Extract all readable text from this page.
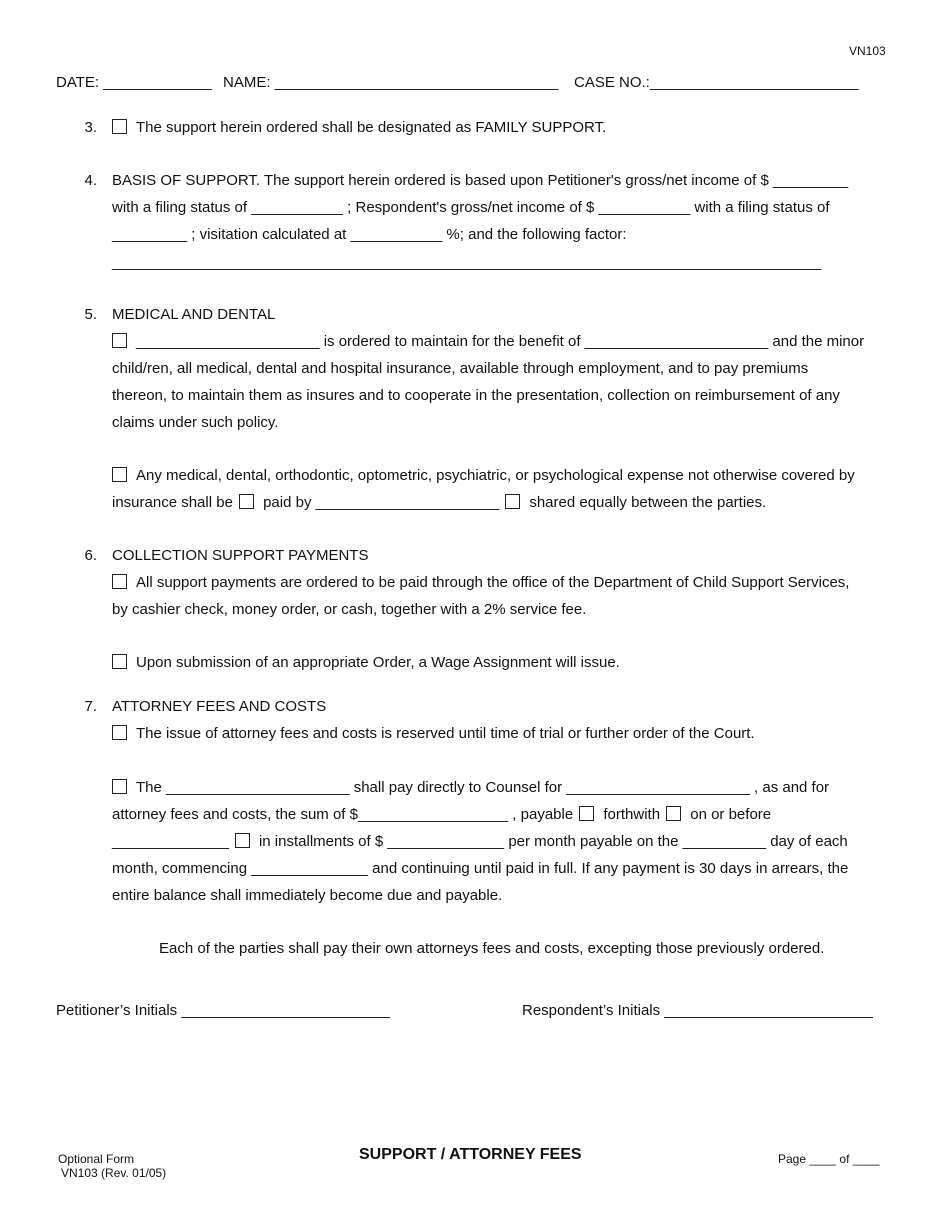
VN103
DATE: _____________ NAME: __________________________________ CASE NO.:_________________________
3.	The support herein ordered shall be designated as FAMILY SUPPORT.
4. BASIS OF SUPPORT. The support herein ordered is based upon Petitioner's gross/net income of $ _________
with a filing status of ___________ ; Respondent's gross/net income of $ ___________ with a filing status of
_________ ; visitation calculated at ___________ %; and the following factor:
_____________________________________________________________________________________
5. MEDICAL AND DENTAL
______________________ is ordered to maintain for the benefit of ______________________ and the minor
child/ren, all medical, dental and hospital insurance, available through employment, and to pay premiums
thereon, to maintain them as insures and to cooperate in the presentation, collection on reimbursement of any
claims under such policy.
Any medical, dental, orthodontic, optometric, psychiatric, or psychological expense not otherwise covered by
insurance shall be paid by ______________________ shared equally between the parties.
6. COLLECTION SUPPORT PAYMENTS
All support payments are ordered to be paid through the office of the Department of Child Support Services,
by cashier check, money order, or cash, together with a 2% service fee.
Upon submission of an appropriate Order, a Wage Assignment will issue.
7. ATTORNEY FEES AND COSTS
The issue of attorney fees and costs is reserved until time of trial or further order of the Court.
The ______________________ shall pay directly to Counsel for ______________________ , as and for
attorney fees and costs, the sum of $__________________ , payable forthwith on or before
______________ in installments of $ ______________ per month payable on the __________ day of each
month, commencing ______________ and continuing until paid in full. If any payment is 30 days in arrears, the
entire balance shall immediately become due and payable.
Each of the parties shall pay their own attorneys fees and costs, excepting those previously ordered.
Petitioner’s Initials _________________________	Respondent’s Initials _________________________
Optional Form
VN103 (Rev. 01/05)
SUPPORT / ATTORNEY FEES	Page ____ of ____
